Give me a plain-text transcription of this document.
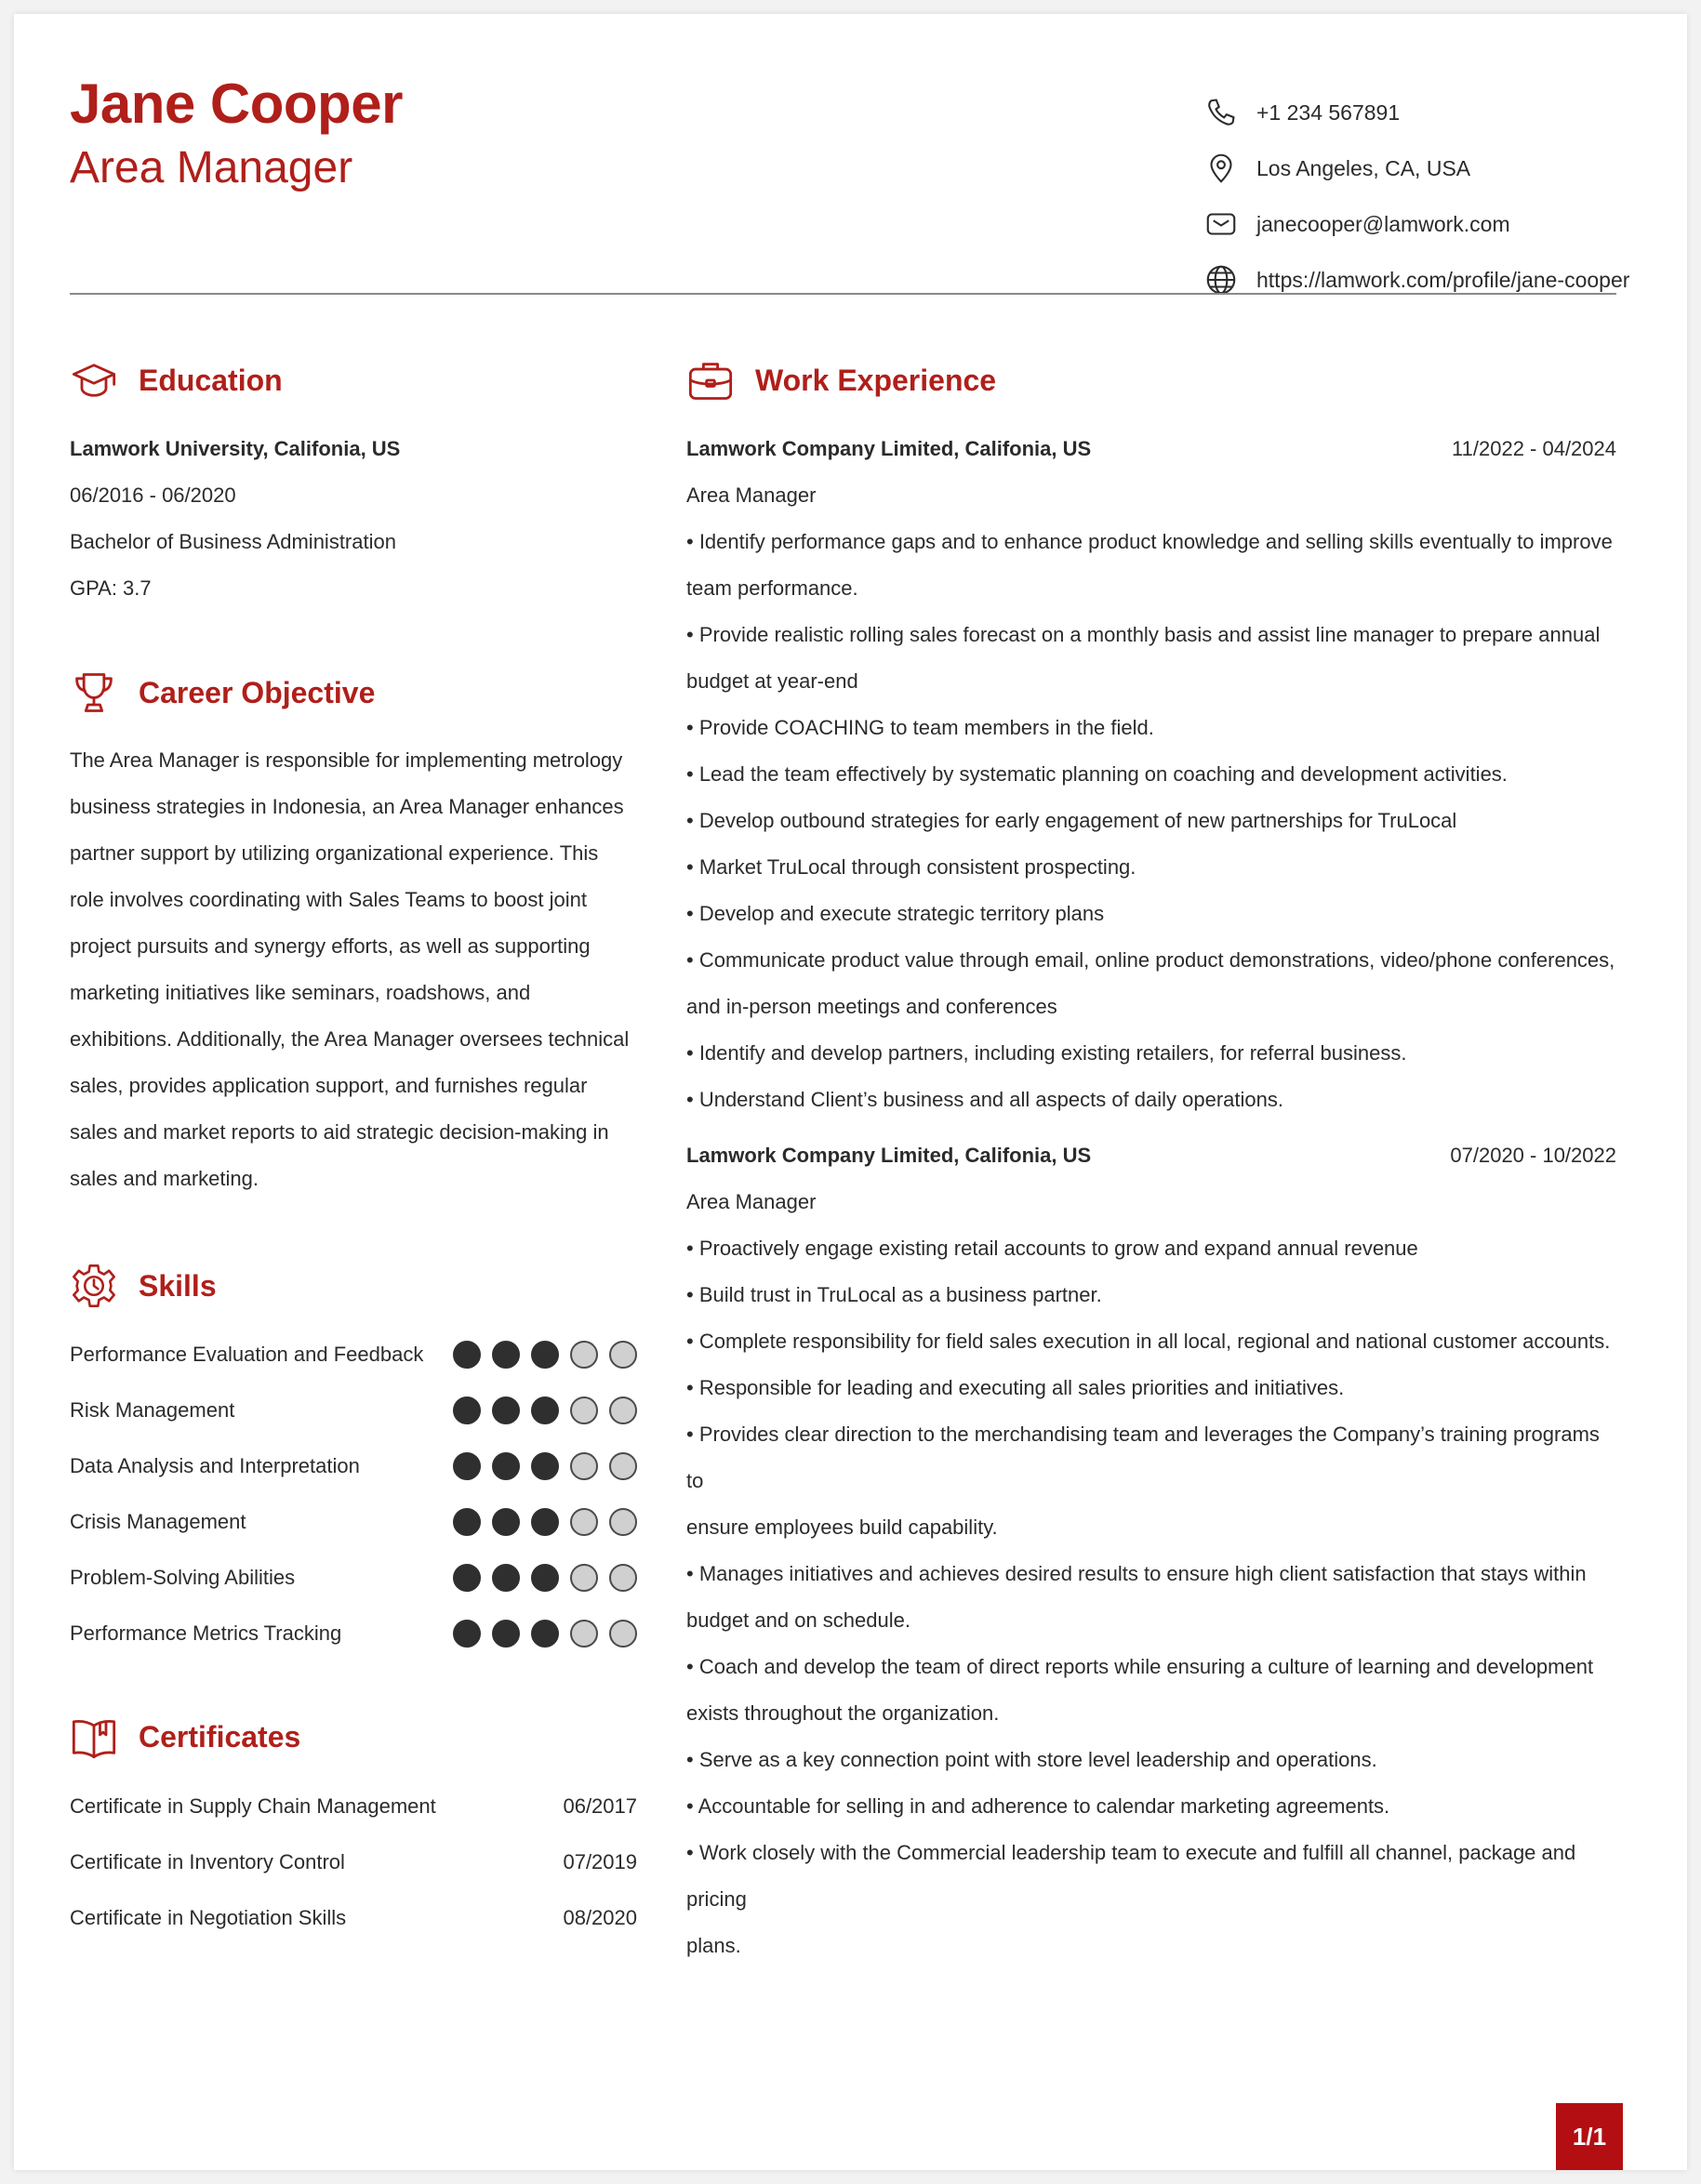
Jane Cooper
Area Manager
+1 234 567891
Los Angeles, CA, USA
janecooper@lamwork.com
https://lamwork.com/profile/jane-cooper
Education
Lamwork University, Califonia, US
06/2016 - 06/2020
Bachelor of Business Administration
GPA: 3.7
Career Objective
The Area Manager is responsible for implementing metrology business strategies in Indonesia, an Area Manager enhances partner support by utilizing organizational experience. This role involves coordinating with Sales Teams to boost joint project pursuits and synergy efforts, as well as supporting marketing initiatives like seminars, roadshows, and exhibitions. Additionally, the Area Manager oversees technical sales, provides application support, and furnishes regular sales and market reports to aid strategic decision-making in sales and marketing.
Skills
Performance Evaluation and Feedback
Risk Management
Data Analysis and Interpretation
Crisis Management
Problem-Solving Abilities
Performance Metrics Tracking
Certificates
Certificate in Supply Chain Management	06/2017
Certificate in Inventory Control	07/2019
Certificate in Negotiation Skills	08/2020
Work Experience
Lamwork Company Limited, Califonia, US	11/2022 - 04/2024
Area Manager
• Identify performance gaps and to enhance product knowledge and selling skills eventually to improve
team performance.
• Provide realistic rolling sales forecast on a monthly basis and assist line manager to prepare annual
budget at year-end
• Provide COACHING to team members in the field.
• Lead the team effectively by systematic planning on coaching and development activities.
• Develop outbound strategies for early engagement of new partnerships for TruLocal
• Market TruLocal through consistent prospecting.
• Develop and execute strategic territory plans
• Communicate product value through email, online product demonstrations, video/phone conferences,
and in-person meetings and conferences
• Identify and develop partners, including existing retailers, for referral business.
• Understand Client’s business and all aspects of daily operations.
Lamwork Company Limited, Califonia, US	07/2020 - 10/2022
Area Manager
• Proactively engage existing retail accounts to grow and expand annual revenue
• Build trust in TruLocal as a business partner.
• Complete responsibility for field sales execution in all local, regional and national customer accounts.
• Responsible for leading and executing all sales priorities and initiatives.
• Provides clear direction to the merchandising team and leverages the Company’s training programs to
ensure employees build capability.
• Manages initiatives and achieves desired results to ensure high client satisfaction that stays within
budget and on schedule.
• Coach and develop the team of direct reports while ensuring a culture of learning and development
exists throughout the organization.
• Serve as a key connection point with store level leadership and operations.
• Accountable for selling in and adherence to calendar marketing agreements.
• Work closely with the Commercial leadership team to execute and fulfill all channel, package and pricing
plans.
1/1
